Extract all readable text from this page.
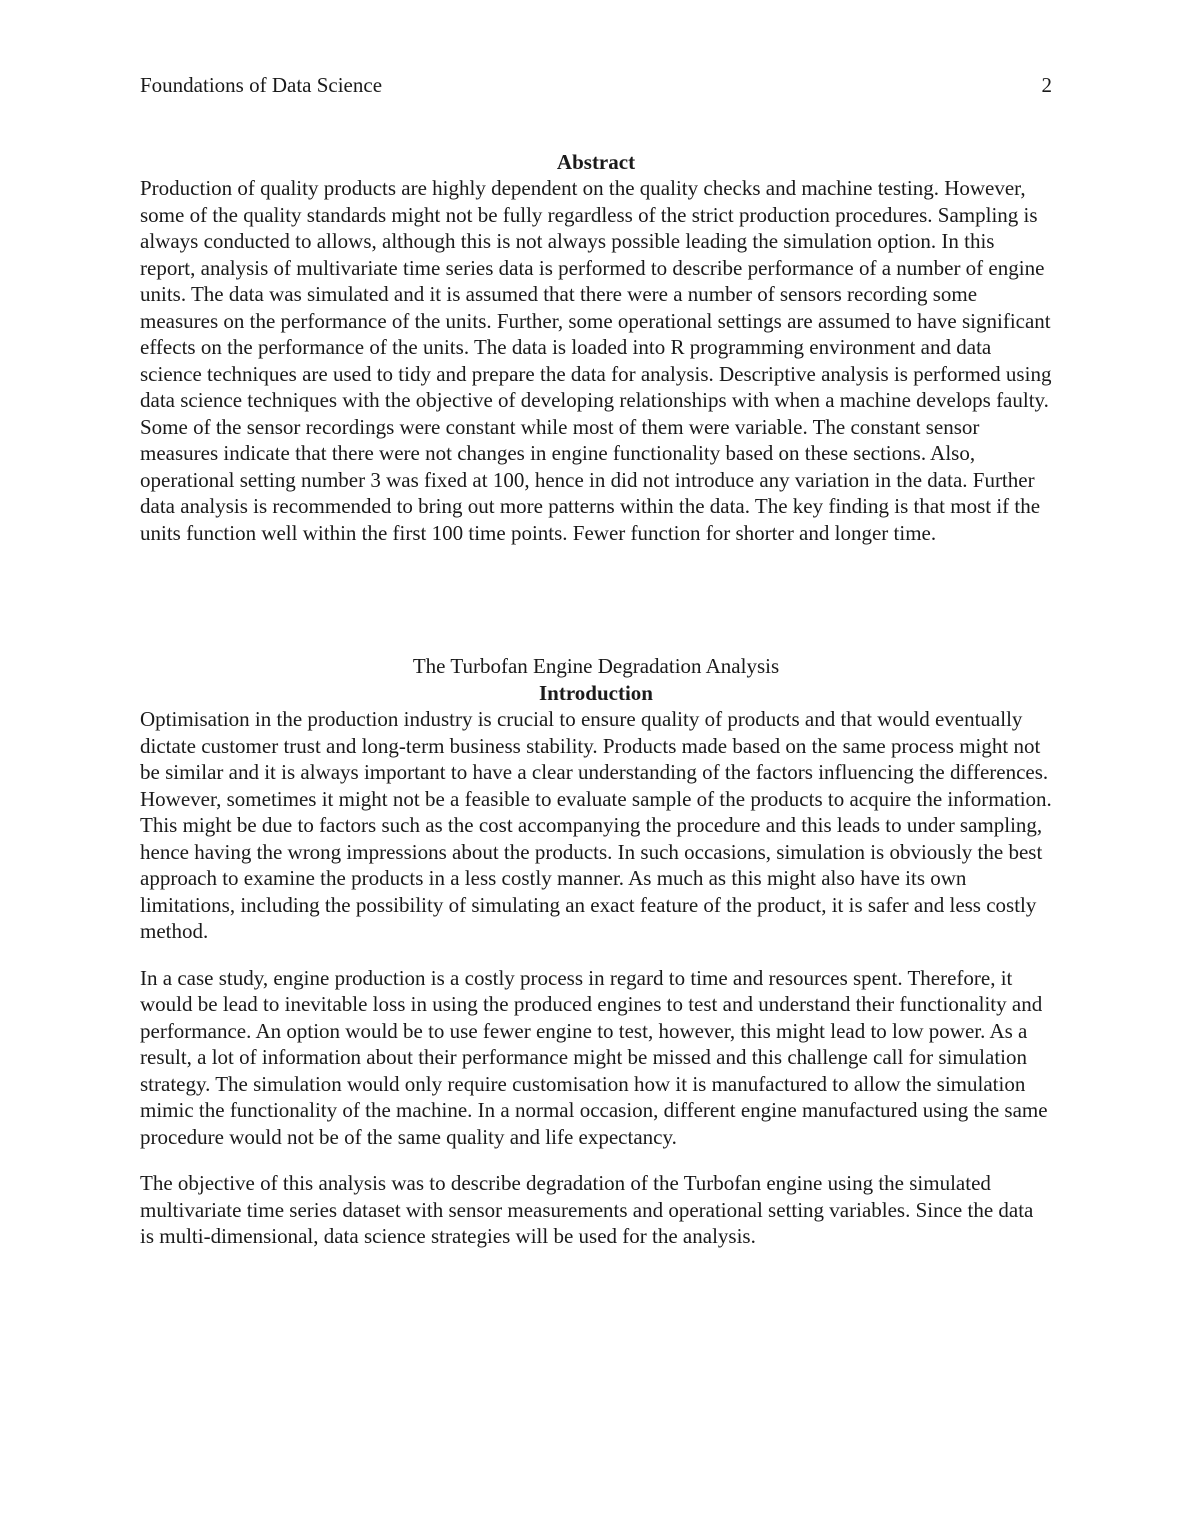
Foundations of Data Science	2
Abstract

Production of quality products are highly dependent on the quality checks and machine testing. However, some of the quality standards might not be fully regardless of the strict production procedures. Sampling is always conducted to allows, although this is not always possible leading the simulation option. In this report, analysis of multivariate time series data is performed to describe performance of a number of engine units. The data was simulated and it is assumed that there were a number of sensors recording some measures on the performance of the units. Further, some operational settings are assumed to have significant effects on the performance of the units. The data is loaded into R programming environment and data science techniques are used to tidy and prepare the data for analysis. Descriptive analysis is performed using data science techniques with the objective of developing relationships with when a machine develops faulty. Some of the sensor recordings were constant while most of them were variable. The constant sensor measures indicate that there were not changes in engine functionality based on these sections. Also, operational setting number 3 was fixed at 100, hence in did not introduce any variation in the data. Further data analysis is recommended to bring out more patterns within the data. The key finding is that most if the units function well within the first 100 time points. Fewer function for shorter and longer time.

The Turbofan Engine Degradation Analysis
Introduction

Optimisation in the production industry is crucial to ensure quality of products and that would eventually dictate customer trust and long-term business stability. Products made based on the same process might not be similar and it is always important to have a clear understanding of the factors influencing the differences. However, sometimes it might not be a feasible to evaluate sample of the products to acquire the information. This might be due to factors such as the cost accompanying the procedure and this leads to under sampling, hence having the wrong impressions about the products. In such occasions, simulation is obviously the best approach to examine the products in a less costly manner. As much as this might also have its own limitations, including the possibility of simulating an exact feature of the product, it is safer and less costly method.

In a case study, engine production is a costly process in regard to time and resources spent. Therefore, it would be lead to inevitable loss in using the produced engines to test and understand their functionality and performance. An option would be to use fewer engine to test, however, this might lead to low power. As a result, a lot of information about their performance might be missed and this challenge call for simulation strategy. The simulation would only require customisation how it is manufactured to allow the simulation mimic the functionality of the machine. In a normal occasion, different engine manufactured using the same procedure would not be of the same quality and life expectancy.

The objective of this analysis was to describe degradation of the Turbofan engine using the simulated multivariate time series dataset with sensor measurements and operational setting variables. Since the data is multi-dimensional, data science strategies will be used for the analysis.
